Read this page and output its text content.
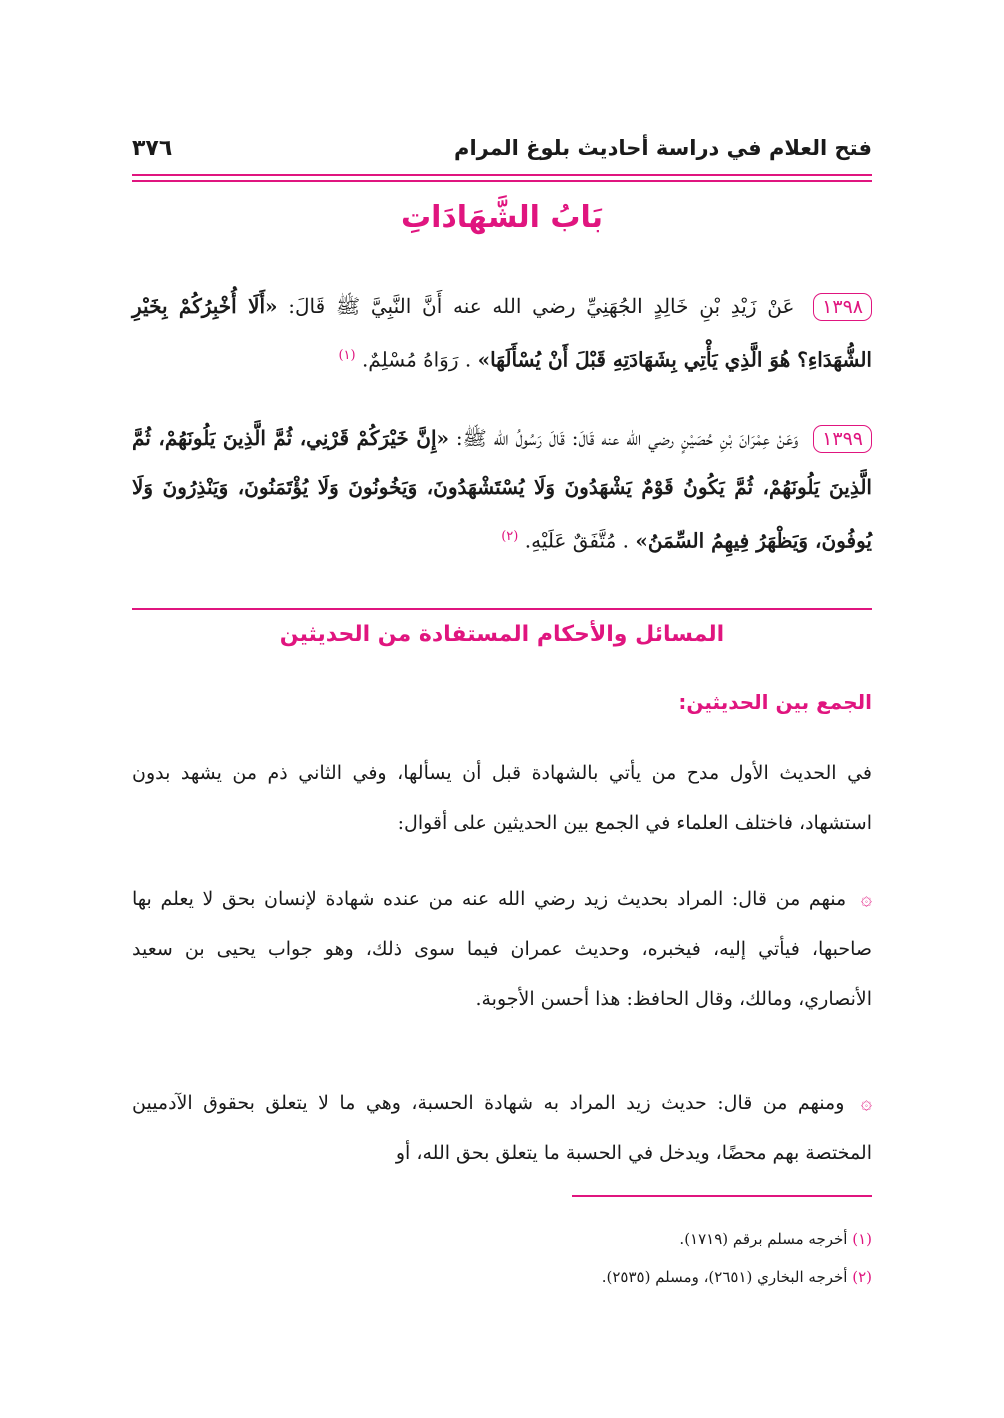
فتح العلام في دراسة أحاديث بلوغ المرام
٣٧٦
بَابُ الشَّهَادَاتِ
١٣٩٨ عَنْ زَيْدِ بْنِ خَالِدٍ الجُهَنِيِّ رضي الله عنه أَنَّ النَّبِيَّ ﷺ قَالَ: «أَلَا أُخْبِرُكُمْ بِخَيْرِ الشُّهَدَاءِ؟ هُوَ الَّذِي يَأْتِي بِشَهَادَتِهِ قَبْلَ أَنْ يُسْأَلَهَا» . رَوَاهُ مُسْلِمٌ. $^{(١)}$
١٣٩٩ وَعَنْ عِمْرَانَ بْنِ حُصَيْنٍ رضي الله عنه قَالَ: قَالَ رَسُولُ الله ﷺ: «إِنَّ خَيْرَكُمْ قَرْنِي، ثُمَّ الَّذِينَ يَلُونَهُمْ، ثُمَّ الَّذِينَ يَلُونَهُمْ، ثُمَّ يَكُونُ قَوْمٌ يَشْهَدُونَ وَلَا يُسْتَشْهَدُونَ، وَيَخُونُونَ وَلَا يُؤْتَمَنُونَ، وَيَنْذِرُونَ وَلَا يُوفُونَ، وَيَظْهَرُ فِيهِمُ السِّمَنُ» . مُتَّفَقٌ عَلَيْهِ. $^{(٢)}$
المسائل والأحكام المستفادة من الحديثين
الجمع بين الحديثين:
في الحديث الأول مدح من يأتي بالشهادة قبل أن يسألها، وفي الثاني ذم من يشهد بدون استشهاد، فاختلف العلماء في الجمع بين الحديثين على أقوال:
۞ منهم من قال: المراد بحديث زيد رضي الله عنه من عنده شهادة لإنسان بحق لا يعلم بها صاحبها، فيأتي إليه، فيخبره، وحديث عمران فيما سوى ذلك، وهو جواب يحيى بن سعيد الأنصاري، ومالك، وقال الحافظ: هذا أحسن الأجوبة.
۞ ومنهم من قال: حديث زيد المراد به شهادة الحسبة، وهي ما لا يتعلق بحقوق الآدميين المختصة بهم محضًا، ويدخل في الحسبة ما يتعلق بحق الله، أو
(١) أخرجه مسلم برقم (١٧١٩).
(٢) أخرجه البخاري (٢٦٥١)، ومسلم (٢٥٣٥).
